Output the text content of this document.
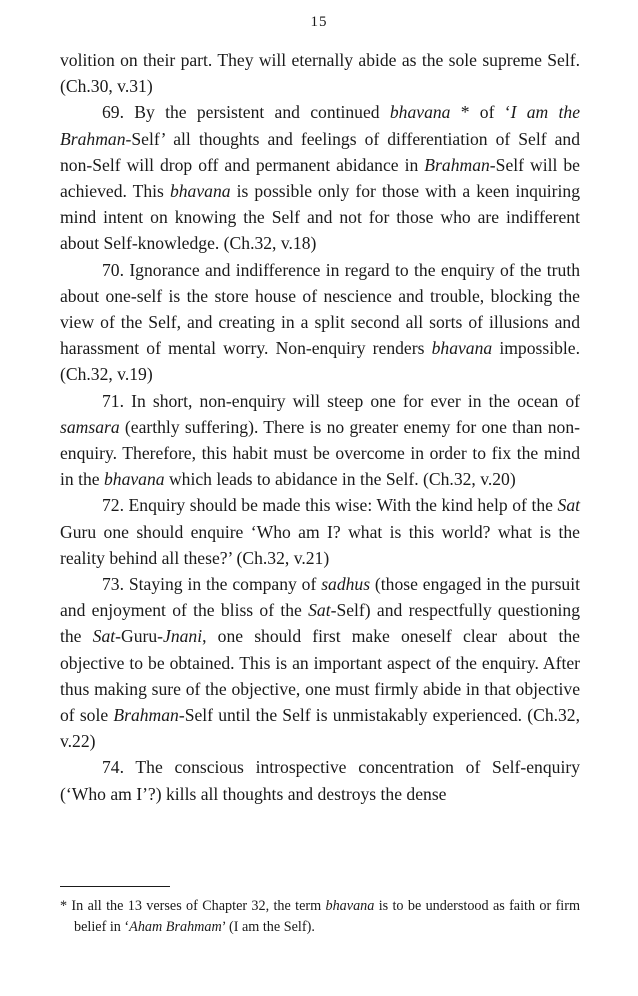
15

volition on their part. They will eternally abide as the sole supreme Self. (Ch.30, v.31)

69. By the persistent and continued bhavana * of ‘I am the Brahman-Self’ all thoughts and feelings of differentiation of Self and non-Self will drop off and permanent abidance in Brahman-Self will be achieved. This bhavana is possible only for those with a keen inquiring mind intent on knowing the Self and not for those who are indifferent about Self-knowledge. (Ch.32, v.18)

70. Ignorance and indifference in regard to the enquiry of the truth about one-self is the store house of nescience and trouble, blocking the view of the Self, and creating in a split second all sorts of illusions and harassment of mental worry. Non-enquiry renders bhavana impossible. (Ch.32, v.19)

71. In short, non-enquiry will steep one for ever in the ocean of samsara (earthly suffering). There is no greater enemy for one than non-enquiry. Therefore, this habit must be overcome in order to fix the mind in the bhavana which leads to abidance in the Self. (Ch.32, v.20)

72. Enquiry should be made this wise: With the kind help of the Sat Guru one should enquire ‘Who am I? what is this world? what is the reality behind all these?’ (Ch.32, v.21)

73. Staying in the company of sadhus (those engaged in the pursuit and enjoyment of the bliss of the Sat-Self) and respectfully questioning the Sat-Guru-Jnani, one should first make oneself clear about the objective to be obtained. This is an important aspect of the enquiry. After thus making sure of the objective, one must firmly abide in that objective of sole Brahman-Self until the Self is unmistakably experienced. (Ch.32, v.22)

74. The conscious introspective concentration of Self-enquiry (‘Who am I’?) kills all thoughts and destroys the dense

* In all the 13 verses of Chapter 32, the term bhavana is to be understood as faith or firm belief in ‘Aham Brahmam’ (I am the Self).
